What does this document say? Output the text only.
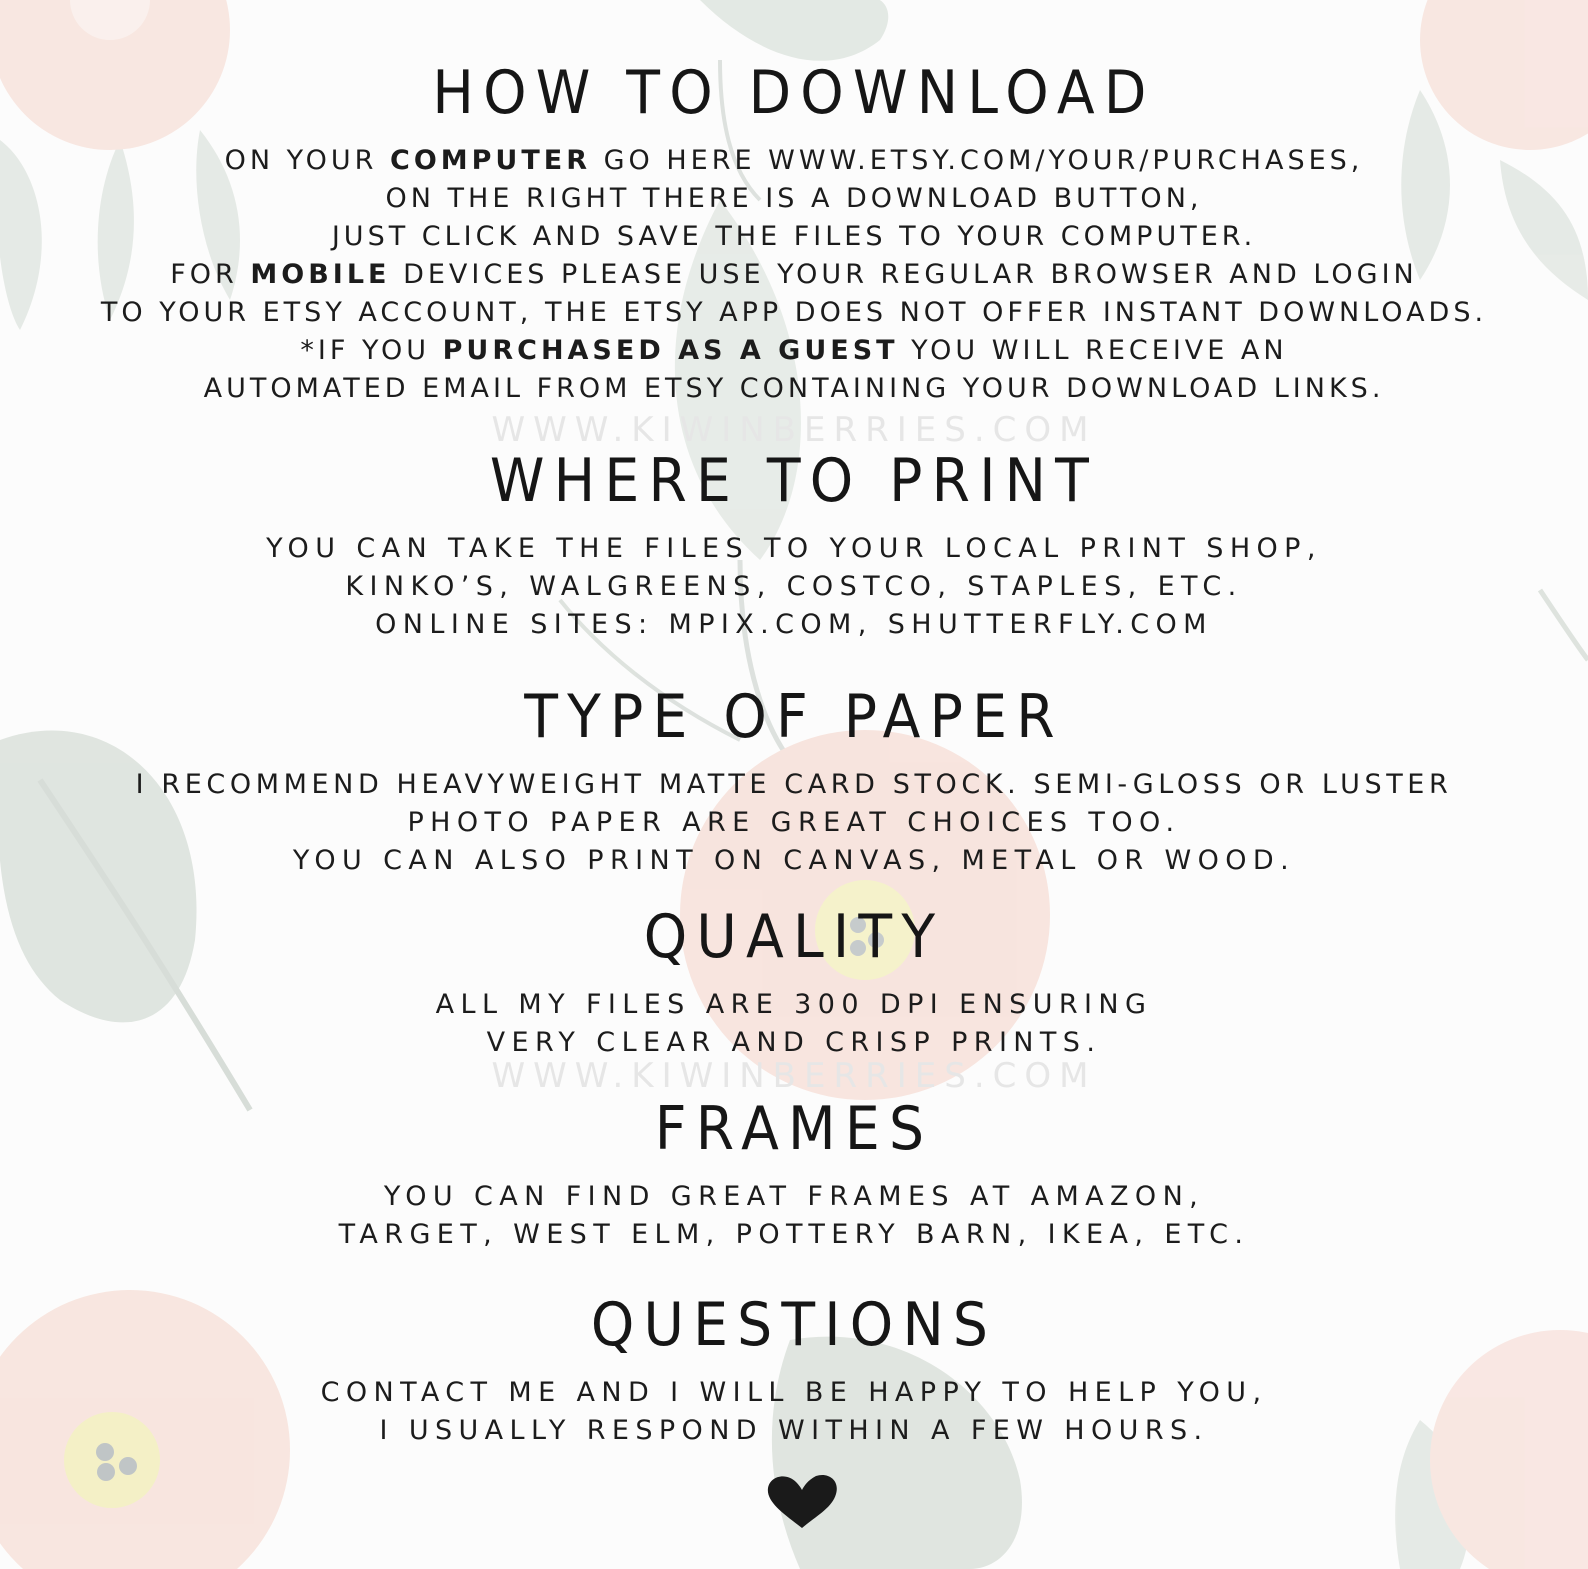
WWW.KIWINBERRIES.COM
WWW.KIWINBERRIES.COM
HOW TO DOWNLOAD
ON YOUR COMPUTER GO HERE WWW.ETSY.COM/YOUR/PURCHASES,
ON THE RIGHT THERE IS A DOWNLOAD BUTTON,
JUST CLICK AND SAVE THE FILES TO YOUR COMPUTER.
FOR MOBILE DEVICES PLEASE USE YOUR REGULAR BROWSER AND LOGIN
TO YOUR ETSY ACCOUNT, THE ETSY APP DOES NOT OFFER INSTANT DOWNLOADS.
*IF YOU PURCHASED AS A GUEST YOU WILL RECEIVE AN
AUTOMATED EMAIL FROM ETSY CONTAINING YOUR DOWNLOAD LINKS.
WHERE TO PRINT
YOU CAN TAKE THE FILES TO YOUR LOCAL PRINT SHOP,
KINKO’S, WALGREENS, COSTCO, STAPLES, ETC.
ONLINE SITES: MPIX.COM, SHUTTERFLY.COM
TYPE OF PAPER
I RECOMMEND HEAVYWEIGHT MATTE CARD STOCK. SEMI-GLOSS OR LUSTER
PHOTO PAPER ARE GREAT CHOICES TOO.
YOU CAN ALSO PRINT ON CANVAS, METAL OR WOOD.
QUALITY
ALL MY FILES ARE 300 DPI ENSURING
VERY CLEAR AND CRISP PRINTS.
FRAMES
YOU CAN FIND GREAT FRAMES AT AMAZON,
TARGET, WEST ELM, POTTERY BARN, IKEA, ETC.
QUESTIONS
CONTACT ME AND I WILL BE HAPPY TO HELP YOU,
I USUALLY RESPOND WITHIN A FEW HOURS.
